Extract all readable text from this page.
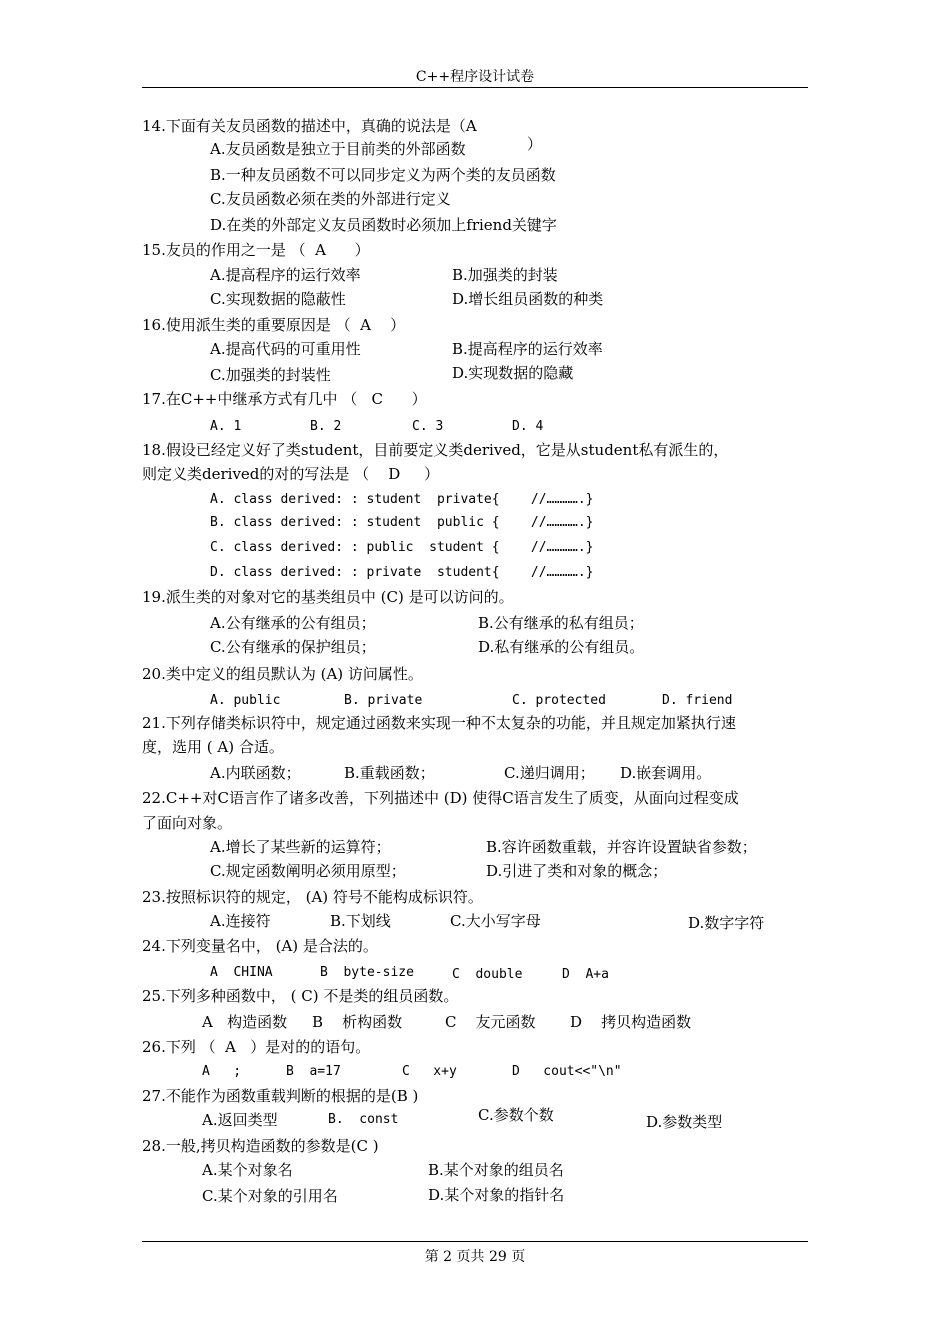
C++程序设计试卷
14.下面有关友员函数的描述中，真确的说法是（A
A.友员函数是独立于目前类的外部函数	）
B.一种友员函数不可以同步定义为两个类的友员函数
C.友员函数必须在类的外部进行定义
D.在类的外部定义友员函数时必须加上friend关键字
15.友员的作用之一是 （  A      ）
A.提高程序的运行效率	B.加强类的封装
C.实现数据的隐蔽性	D.增长组员函数的种类
16.使用派生类的重要原因是 （  A    ）
A.提高代码的可重用性	B.提高程序的运行效率
C.加强类的封装性	D.实现数据的隐藏
17.在C++中继承方式有几中 （   C      ）
A. 1	B. 2	C. 3	D. 4
18.假设已经定义好了类student，目前要定义类derived，它是从student私有派生的，
则定义类derived的对的写法是 （    D     ）
A. class derived: : student  private{    //………….}
B. class derived: : student  public {    //………….}
C. class derived: : public  student {    //………….}
D. class derived: : private  student{    //………….}
19.派生类的对象对它的基类组员中 (C) 是可以访问的。
A.公有继承的公有组员；	B.公有继承的私有组员；
C.公有继承的保护组员；	D.私有继承的公有组员。
20.类中定义的组员默认为 (A) 访问属性。
A. public	B. private	C. protected	D. friend
21.下列存储类标识符中，规定通过函数来实现一种不太复杂的功能，并且规定加紧执行速
度，选用 ( A) 合适。
A.内联函数；	B.重载函数；	C.递归调用； D.嵌套调用。
22.C++对C语言作了诸多改善，下列描述中 (D) 使得C语言发生了质变，从面向过程变成
了面向对象。
A.增长了某些新的运算符；	B.容许函数重载，并容许设置缺省参数；
C.规定函数阐明必须用原型；	D.引进了类和对象的概念；
23.按照标识符的规定， (A) 符号不能构成标识符。
A.连接符	B.下划线	C.大小写字母	D.数字字符
24.下列变量名中， (A) 是合法的。
A  CHINA	B  byte-size	C  double	D  A+a
25.下列多种函数中， ( C) 不是类的组员函数。
A   构造函数 B    析构函数	C    友元函数 D    拷贝构造函数
26.下列 （  A   ）是对的的语句。
A   ;	B  a=17	C   x+y	D   cout<<"\n"
27.不能作为函数重载判断的根据的是(B )
A.返回类型	B.  const	C.参数个数	D.参数类型
28.一般,拷贝构造函数的参数是(C )
A.某个对象名	B.某个对象的组员名
C.某个对象的引用名	D.某个对象的指针名
第 2 页共 29 页
